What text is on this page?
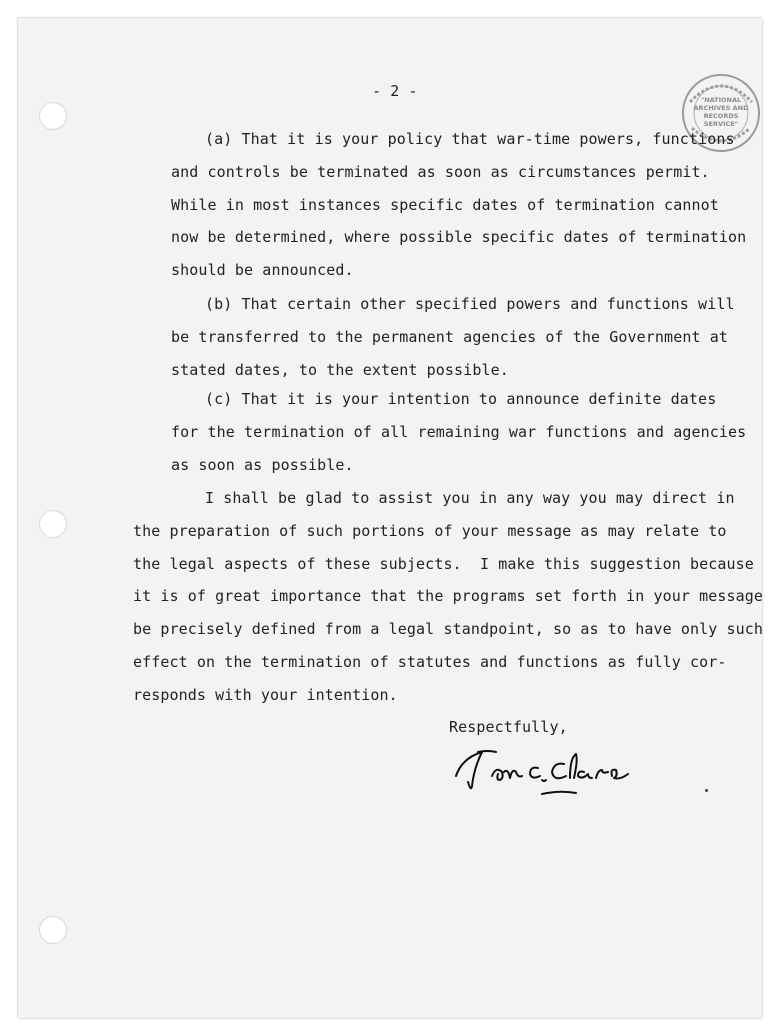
"NATIONAL
ARCHIVES AND
RECORDS
SERVICE"
- 2 -
(a) That it is your policy that war-time powers, functions
and controls be terminated as soon as circumstances permit.
While in most instances specific dates of termination cannot
now be determined, where possible specific dates of termination
should be announced.
(b) That certain other specified powers and functions will
be transferred to the permanent agencies of the Government at
stated dates, to the extent possible.
(c) That it is your intention to announce definite dates
for the termination of all remaining war functions and agencies
as soon as possible.
I shall be glad to assist you in any way you may direct in
the preparation of such portions of your message as may relate to
the legal aspects of these subjects.  I make this suggestion because
it is of great importance that the programs set forth in your message
be precisely defined from a legal standpoint, so as to have only such
effect on the termination of statutes and functions as fully cor-
responds with your intention.
Respectfully,
